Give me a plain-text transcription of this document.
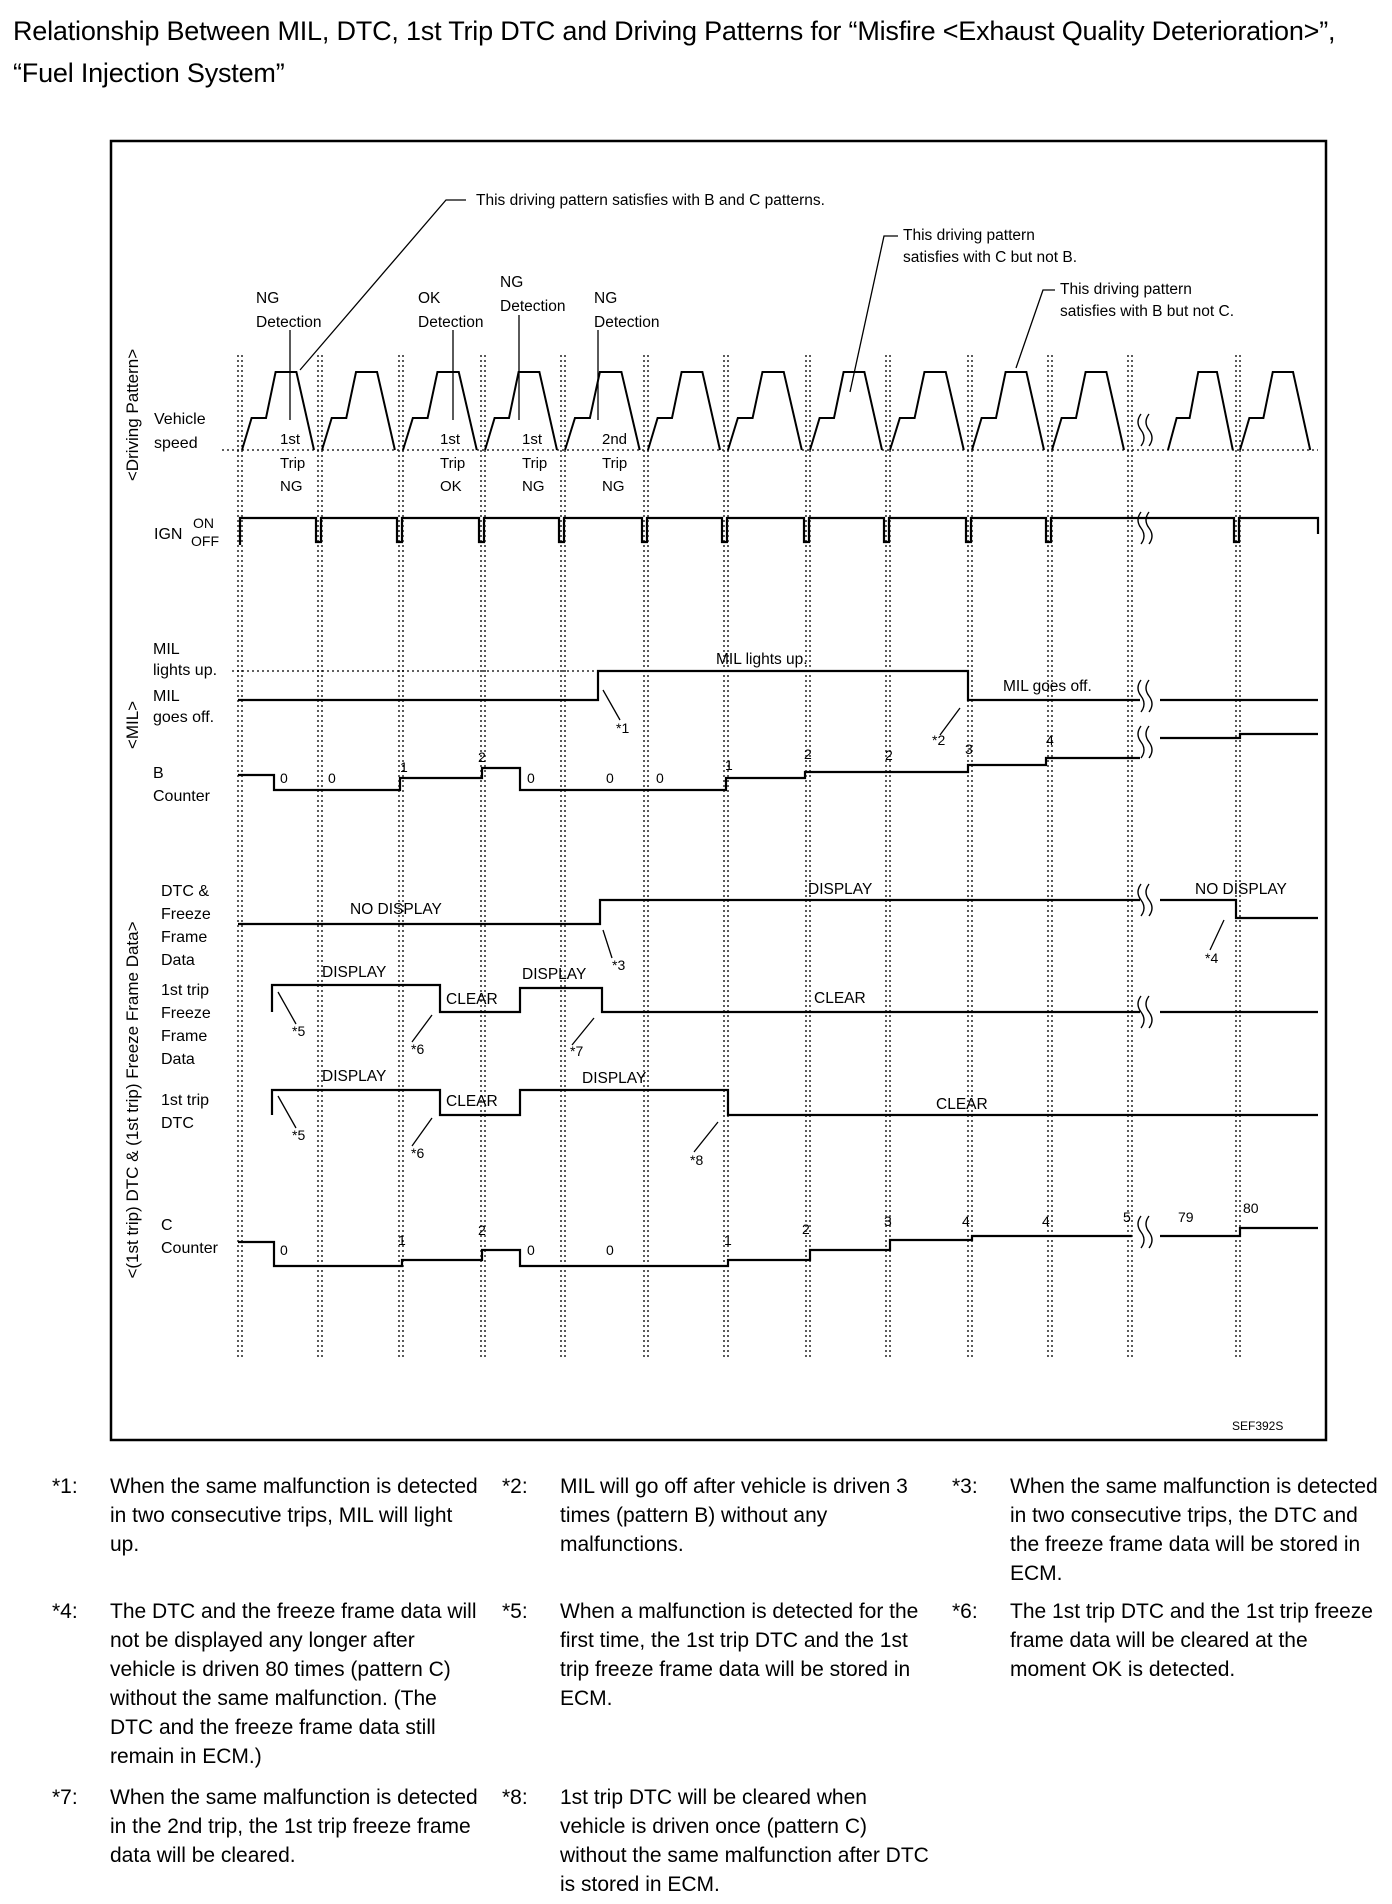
Relationship Between MIL, DTC, 1st Trip DTC and Driving Patterns for “Misfire <Exhaust Quality Deterioration>”, “Fuel Injection System”
<Driving Pattern>
<MIL>
<(1st trip) DTC & (1st trip) Freeze Frame Data>
Vehicle
speed
IGN
ON
OFF
MIL
lights up.
MIL
goes off.
B
Counter
DTC &
Freeze
Frame
Data
1st trip
Freeze
Frame
Data
1st trip
DTC
C
Counter
This driving pattern satisfies with B and C patterns.
This driving pattern
satisfies with C but not B.
This driving pattern
satisfies with B but not C.
NG
Detection
OK
Detection
NG
Detection NG
Detection
1st
Trip
NG
1st
Trip
OK
1st
Trip
NG
2nd
Trip
NG
MIL lights up.
MIL goes off.
NO DISPLAY
DISPLAY	NO DISPLAY
DISPLAY
CLEAR
DISPLAY
CLEAR
DISPLAY
CLEAR
DISPLAY
CLEAR
0	0
1
2
0	0	0
1
2	2	3
4
0
1
2
0	0
1
2	3	4	4	5	79
80
*1
*2
*3	*4
*5
*6	*7
*5
*6	*8
SEF392S
*1: When the same malfunction is detected in two consecutive trips, MIL will light up.
*2: MIL will go off after vehicle is driven 3 times (pattern B) without any malfunctions.
*3: When the same malfunction is detected in two consecutive trips, the DTC and the freeze frame data will be stored in ECM.
*4: The DTC and the freeze frame data will not be displayed any longer after vehicle is driven 80 times (pattern C) without the same malfunction. (The DTC and the freeze frame data still remain in ECM.)
*5: When a malfunction is detected for the first time, the 1st trip DTC and the 1st trip freeze frame data will be stored in ECM.
*6: The 1st trip DTC and the 1st trip freeze frame data will be cleared at the moment OK is detected.
*7: When the same malfunction is detected in the 2nd trip, the 1st trip freeze frame data will be cleared.
*8: 1st trip DTC will be cleared when vehicle is driven once (pattern C) without the same malfunction after DTC is stored in ECM.
